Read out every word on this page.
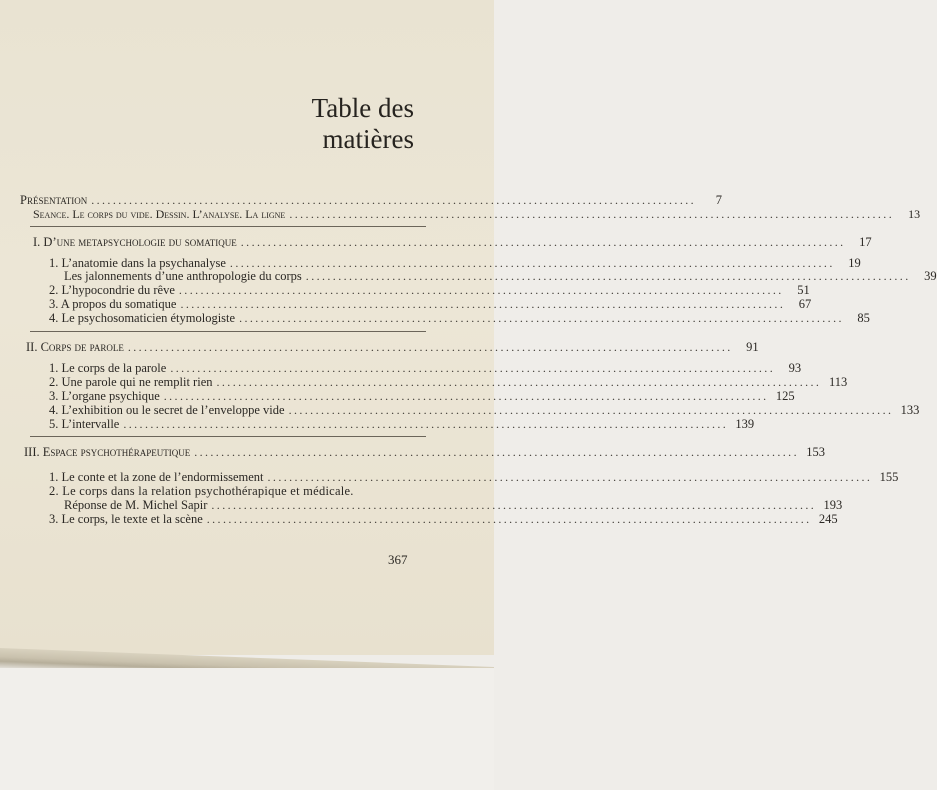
Table des
matières
Présentation ................................................................................................................	7
Seance. Le corps du vide. Dessin. L’analyse. La ligne ................................................................................................................	13
I. D’une metapsychologie du somatique ................................................................................................................	17
1. L’anatomie dans la psychanalyse ................................................................................................................	19
Les jalonnements d’une anthropologie du corps ................................................................................................................	39
2. L’hypocondrie du rêve ................................................................................................................	51
3. A propos du somatique ................................................................................................................	67
4. Le psychosomaticien étymologiste ................................................................................................................	85
II. Corps de parole ................................................................................................................	91
1. Le corps de la parole ................................................................................................................	93
2. Une parole qui ne remplit rien ................................................................................................................ 113
3. L’organe psychique ................................................................................................................ 125
4. L’exhibition ou le secret de l’enveloppe vide ................................................................................................................ 133
5. L’intervalle ................................................................................................................ 139
III. Espace psychothérapeutique ................................................................................................................ 153
1. Le conte et la zone de l’endormissement ................................................................................................................ 155
2. Le corps dans la relation psychothérapique et médicale.
Réponse de M. Michel Sapir ................................................................................................................ 193
3. Le corps, le texte et la scène ................................................................................................................ 245
367
